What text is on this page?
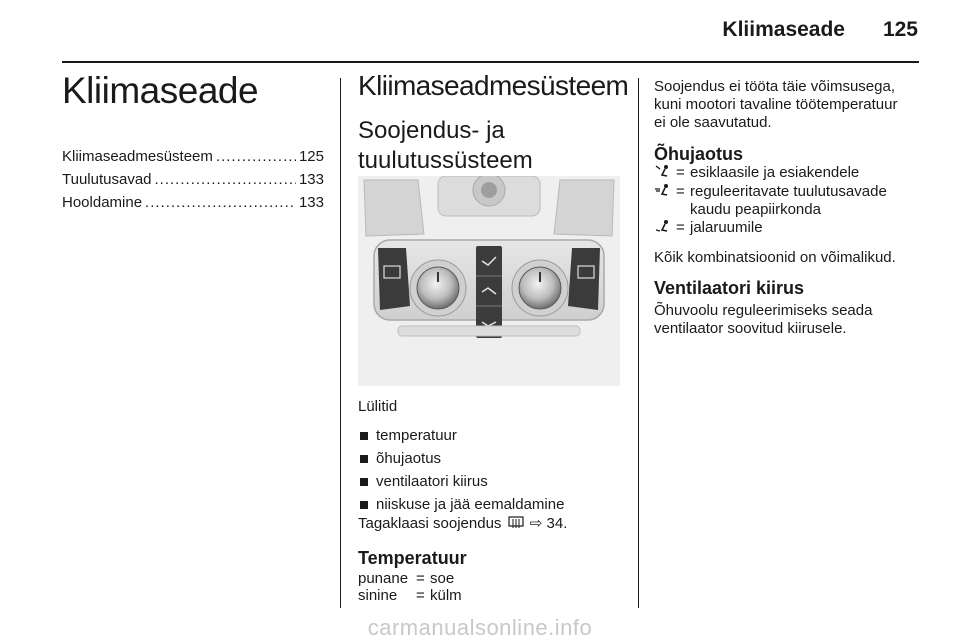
Kliimaseade	125
Kliimaseade
Kliimaseadmesüsteem .....	125
Tuulutusavad .....	133
Hooldamine .....	133
Kliimaseadmesüsteem
Soojendus- ja
tuulutussüsteem
Lülitid
temperatuur
õhujaotus
ventilaatori kiirus
niiskuse ja jää eemaldamine
Tagaklaasi soojendus ⇨ 34.
Temperatuur
punane = soe
sinine	= külm
Soojendus ei tööta täie võimsusega,
kuni mootori tavaline töötemperatuur
ei ole saavutatud.
Õhujaotus
= esiklaasile ja esiakendele
= reguleeritavate tuulutusavade kaudu peapiirkonda
= jalaruumile
Kõik kombinatsioonid on võimalikud.
Ventilaatori kiirus
Õhuvoolu reguleerimiseks seada
ventilaator soovitud kiirusele.
carmanualsonline.info
